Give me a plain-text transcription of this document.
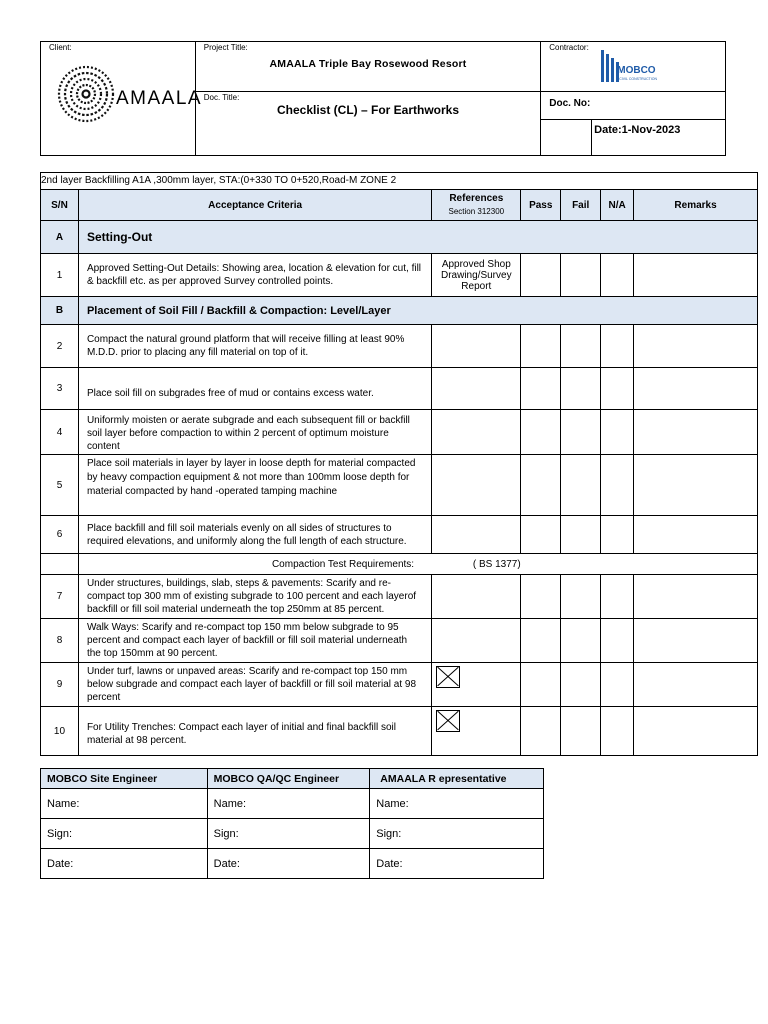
Client:
AMAALA	Project Title:
AMAALA Triple Bay Rosewood Resort	Contractor:
MOBCO
CIVIL CONSTRUCTION	

	Doc. Title:
Checklist (CL) – For Earthworks	Doc. No:	

			Date:1-Nov-2023
2nd layer Backfilling A1A ,300mm layer, STA:(0+330 TO 0+520,Road-M ZONE 2						
S/N	Acceptance Criteria	References
Section 312300	Pass	Fail	N/A	Remarks
A	Setting-Out					
1	Approved Setting-Out Details: Showing area, location & elevation for cut, fill & backfill etc. as per approved Survey controlled points.	Approved Shop Drawing/Survey Report				
B	Placement of Soil Fill / Backfill & Compaction: Level/Layer					
2	Compact the natural ground platform that will receive filling at least 90% M.D.D. prior to placing any fill material on top of it.					
3	Place soil fill on subgrades free of mud or contains excess water.					
4	Uniformly moisten or aerate subgrade and each subsequent fill or backfill soil layer before compaction to within 2 percent of optimum moisture content					

5	Place soil materials in layer by layer in loose depth for material compacted by heavy compaction equipment & not more than 100mm loose depth for material compacted by hand -operated tamping machine					
6	Place backfill and fill soil materials evenly on all sides of structures to required elevations, and uniformly along the full length of each structure.					
	Compaction Test Requirements: ( BS 1377)					
7	Under structures, buildings, slab, steps & pavements: Scarify and re-compact top 300 mm of existing subgrade to 100 percent and each layerof backfill or fill soil material underneath the top 250mm at 85 percent.					
8	Walk Ways: Scarify and re-compact top 150 mm below subgrade to 95 percent and compact each layer of backfill or fill soil material underneath the top 150mm at 90 percent.					
9	Under turf, lawns or unpaved areas: Scarify and re-compact top 150 mm below subgrade and compact each layer of backfill or fill soil material at 98 percent					
10	For Utility Trenches: Compact each layer of initial and final backfill soil material at 98 percent.					
MOBCO Site Engineer	MOBCO QA/QC Engineer	AMAALA R epresentative
Name:	Name:	Name:
Sign:	Sign:	Sign:
Date:	Date:	Date:
